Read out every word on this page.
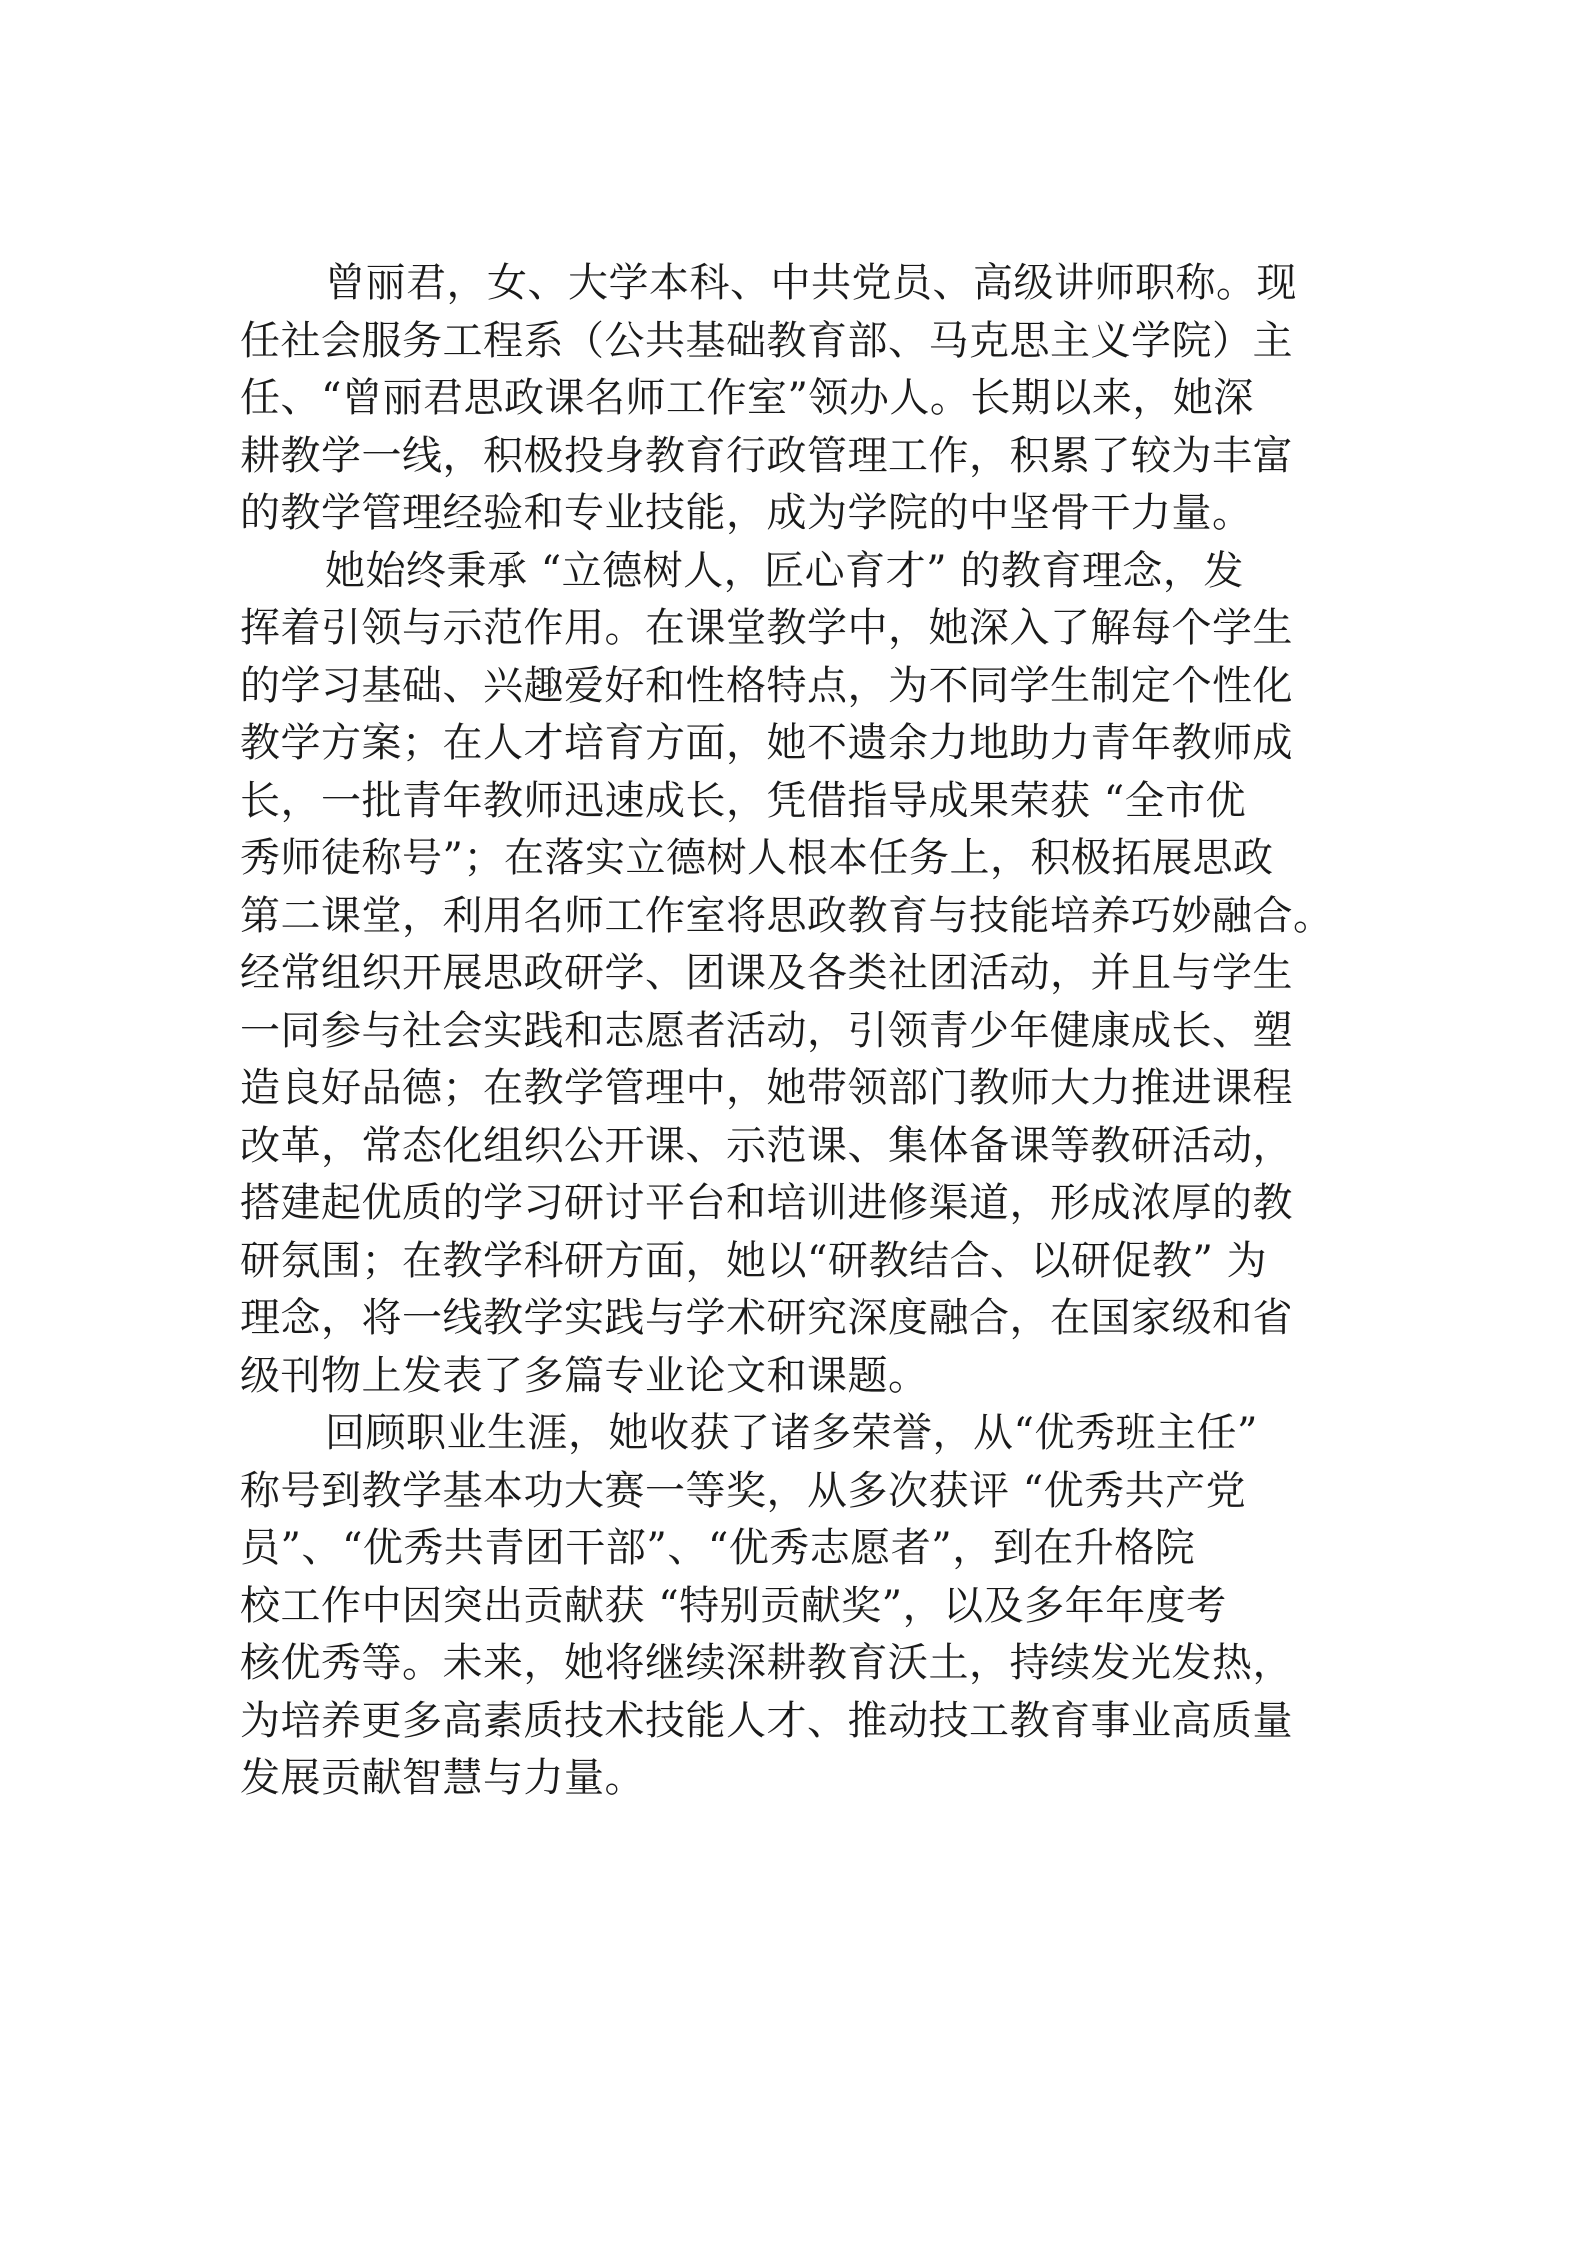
曾丽君，女、大学本科、中共党员、高级讲师职称。现
任社会服务工程系（公共基础教育部、马克思主义学院）主
任、“曾丽君思政课名师工作室”领办人。长期以来，她深
耕教学一线，积极投身教育行政管理工作，积累了较为丰富
的教学管理经验和专业技能，成为学院的中坚骨干力量。
她始终秉承 “立德树人，匠心育才” 的教育理念，发
挥着引领与示范作用。在课堂教学中，她深入了解每个学生
的学习基础、兴趣爱好和性格特点，为不同学生制定个性化
教学方案；在人才培育方面，她不遗余力地助力青年教师成
长，一批青年教师迅速成长，凭借指导成果荣获 “全市优
秀师徒称号”；在落实立德树人根本任务上，积极拓展思政
第二课堂，利用名师工作室将思政教育与技能培养巧妙融合。
经常组织开展思政研学、团课及各类社团活动，并且与学生
一同参与社会实践和志愿者活动，引领青少年健康成长、塑
造良好品德；在教学管理中，她带领部门教师大力推进课程
改革，常态化组织公开课、示范课、集体备课等教研活动，
搭建起优质的学习研讨平台和培训进修渠道，形成浓厚的教
研氛围；在教学科研方面，她以“研教结合、以研促教” 为
理念，将一线教学实践与学术研究深度融合，在国家级和省
级刊物上发表了多篇专业论文和课题。
回顾职业生涯，她收获了诸多荣誉，从“优秀班主任”
称号到教学基本功大赛一等奖，从多次获评 “优秀共产党
员”、“优秀共青团干部”、“优秀志愿者”，到在升格院
校工作中因突出贡献获 “特别贡献奖”，以及多年年度考
核优秀等。未来，她将继续深耕教育沃土，持续发光发热，
为培养更多高素质技术技能人才、推动技工教育事业高质量
发展贡献智慧与力量。
